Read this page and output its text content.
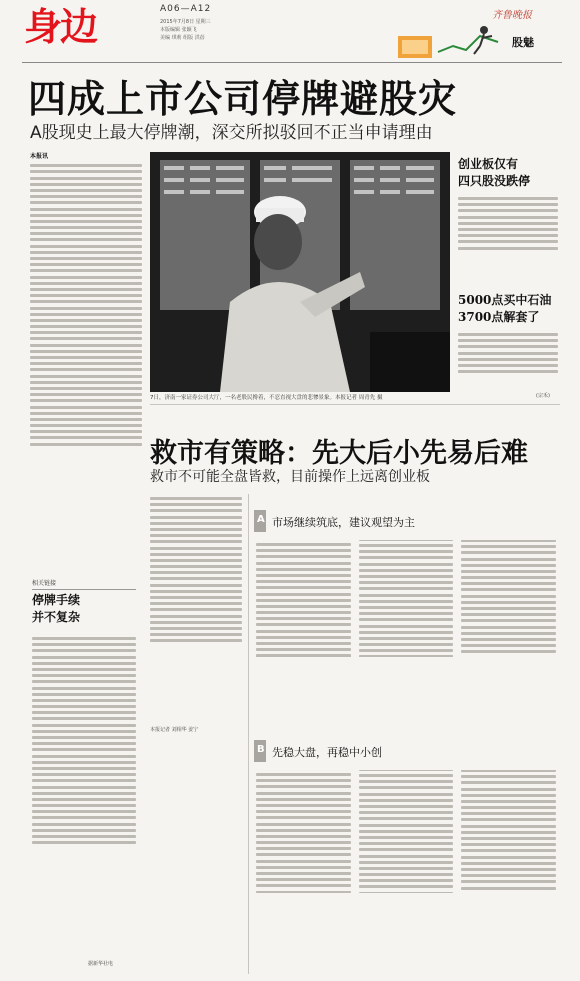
身边	A06—A12
2015年7月8日 星期三
本版编辑 张颖飞
美编 琪莉 组版 洪蓓
齐鲁晚报
股魅
四成上市公司停牌避股灾
A股现史上最大停牌潮，深交所拟驳回不正当申请理由
本报讯
7日，济南一家证券公司大厅，一名老股民搀着，不忍直视大盘的悲惨景象。本报记者 周青先 摄
创业板仅有
四只股没跌停
5000点买中石油
3700点解套了
(宗禾)
救市有策略：先大后小先易后难
救市不可能全盘皆救，目前操作上远离创业板
本报记者 刘相华 姜宁
A 市场继续筑底，建议观望为主
B 先稳大盘，再稳中小创
相关链接
停牌手续
并不复杂
据新华社电
